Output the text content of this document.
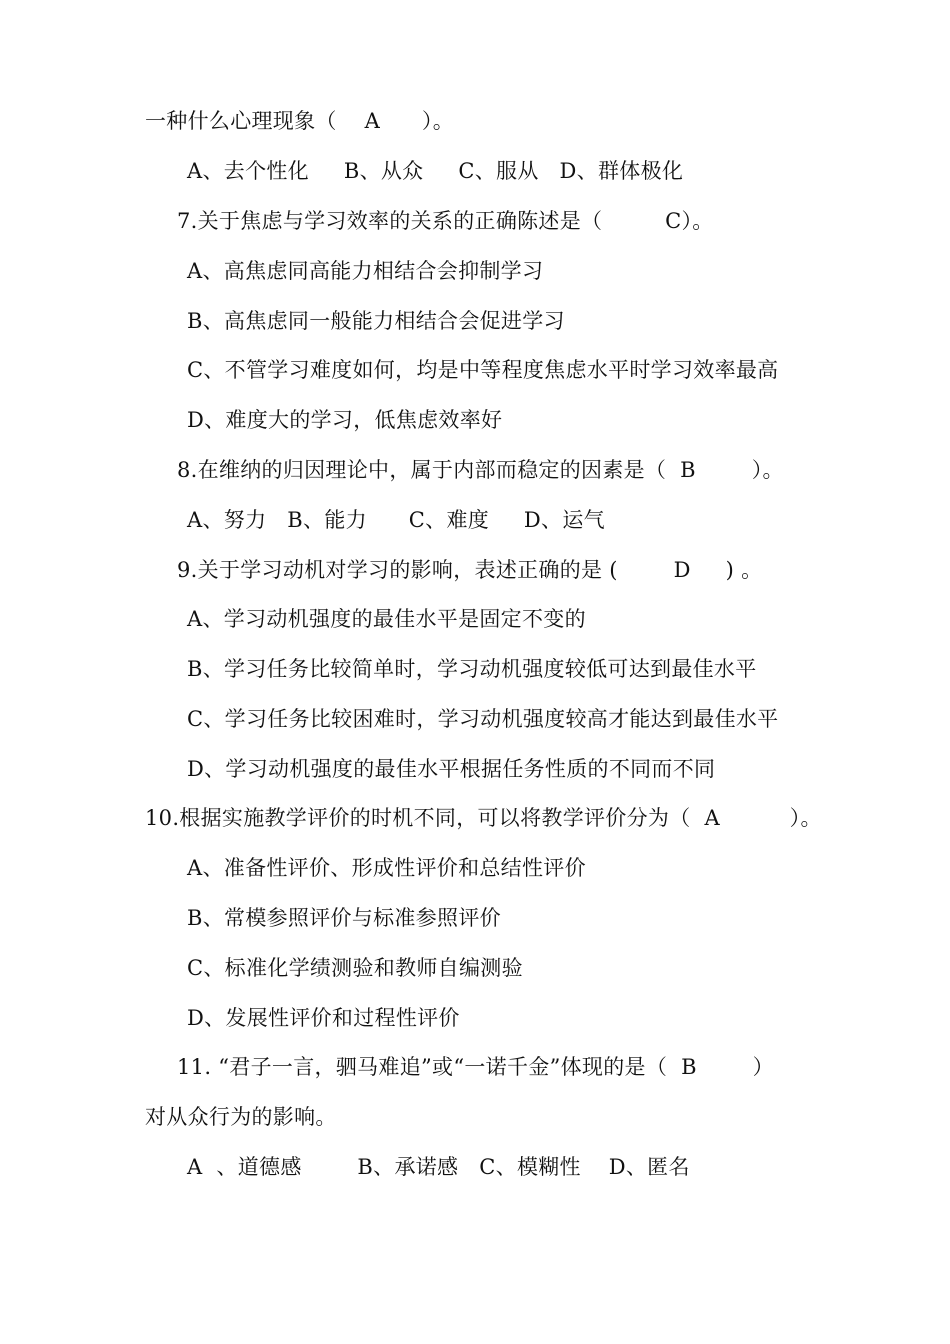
一种什么心理现象（    A      ）。
A、去个性化     B、从众     C、服从   D、群体极化
7.关于焦虑与学习效率的关系的正确陈述是（         C）。
A、高焦虑同高能力相结合会抑制学习
B、高焦虑同一般能力相结合会促进学习
C、不管学习难度如何，均是中等程度焦虑水平时学习效率最高
D、难度大的学习，低焦虑效率好
8.在维纳的归因理论中，属于内部而稳定的因素是（  B        ）。
A、努力   B、能力      C、难度     D、运气
9.关于学习动机对学习的影响，表述正确的是 (        D     ) 。
A、学习动机强度的最佳水平是固定不变的
B、学习任务比较简单时，学习动机强度较低可达到最佳水平
C、学习任务比较困难时，学习动机强度较高才能达到最佳水平
D、学习动机强度的最佳水平根据任务性质的不同而不同
10.根据实施教学评价的时机不同，可以将教学评价分为（  A          ）。
A、准备性评价、形成性评价和总结性评价
B、常模参照评价与标准参照评价
C、标准化学绩测验和教师自编测验
D、发展性评价和过程性评价
11. “君子一言，驷马难追”或“一诺千金”体现的是（  B        ）
对从众行为的影响。
A  、道德感        B、承诺感   C、模糊性    D、匿名
